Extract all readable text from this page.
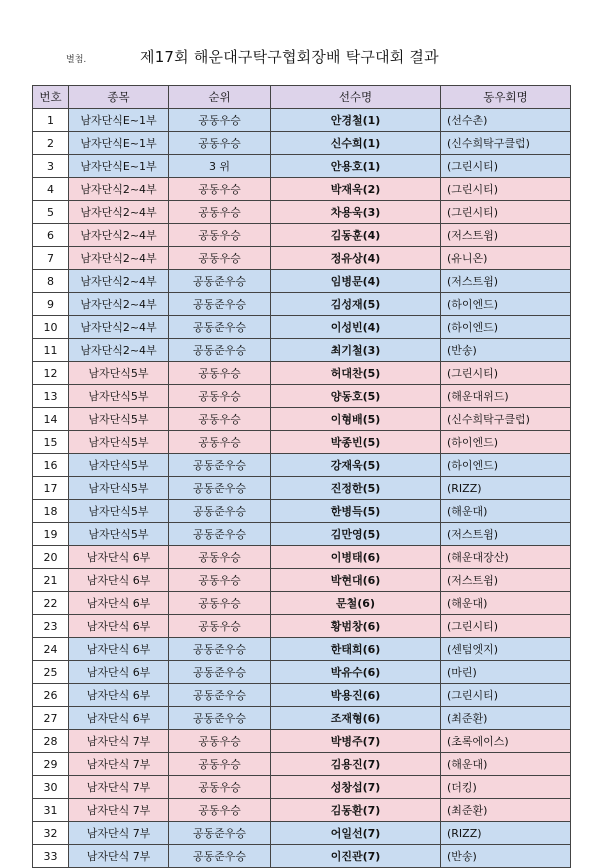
별첨.	제17회 해운대구탁구협회장배 탁구대회 결과
번호	종목	순위	선수명	동우회명
1	남자단식E~1부	공동우승	안경철(1)	(선수촌)
2	남자단식E~1부	공동우승	신수희(1)	(신수희탁구클럽)
3	남자단식E~1부	3 위	안용호(1)	(그린시티)
4	남자단식2~4부	공동우승	박재욱(2)	(그린시티)
5	남자단식2~4부	공동우승	차용욱(3)	(그린시티)
6	남자단식2~4부	공동우승	김동훈(4)	(저스트윔)
7	남자단식2~4부	공동우승	정유상(4)	(유니온)
8	남자단식2~4부	공동준우승	임병문(4)	(저스트윔)
9	남자단식2~4부	공동준우승	김성재(5)	(하이엔드)
10	남자단식2~4부	공동준우승	이성빈(4)	(하이엔드)
11	남자단식2~4부	공동준우승	최기철(3)	(반송)
12	남자단식5부	공동우승	허대찬(5)	(그린시티)
13	남자단식5부	공동우승	양동호(5)	(해운대위드)
14	남자단식5부	공동우승	이형배(5)	(신수희탁구클럽)
15	남자단식5부	공동우승	박종빈(5)	(하이엔드)
16	남자단식5부	공동준우승	강재욱(5)	(하이엔드)
17	남자단식5부	공동준우승	진정한(5)	(RIZZ)
18	남자단식5부	공동준우승	한병득(5)	(해운대)
19	남자단식5부	공동준우승	김만영(5)	(저스트윔)
20	남자단식 6부	공동우승	이병태(6)	(해운대장산)
21	남자단식 6부	공동우승	박현대(6)	(저스트윔)
22	남자단식 6부	공동우승	문철(6)	(해운대)
23	남자단식 6부	공동우승	황범창(6)	(그린시티)
24	남자단식 6부	공동준우승	한태희(6)	(센텀엣지)
25	남자단식 6부	공동준우승	박유수(6)	(마린)
26	남자단식 6부	공동준우승	박용진(6)	(그린시티)
27	남자단식 6부	공동준우승	조재형(6)	(최준환)
28	남자단식 7부	공동우승	박병주(7)	(초록에이스)
29	남자단식 7부	공동우승	김용진(7)	(해운대)
30	남자단식 7부	공동우승	성창섭(7)	(더킹)
31	남자단식 7부	공동우승	김동환(7)	(최준환)
32	남자단식 7부	공동준우승	어일선(7)	(RIZZ)
33	남자단식 7부	공동준우승	이진관(7)	(반송)
